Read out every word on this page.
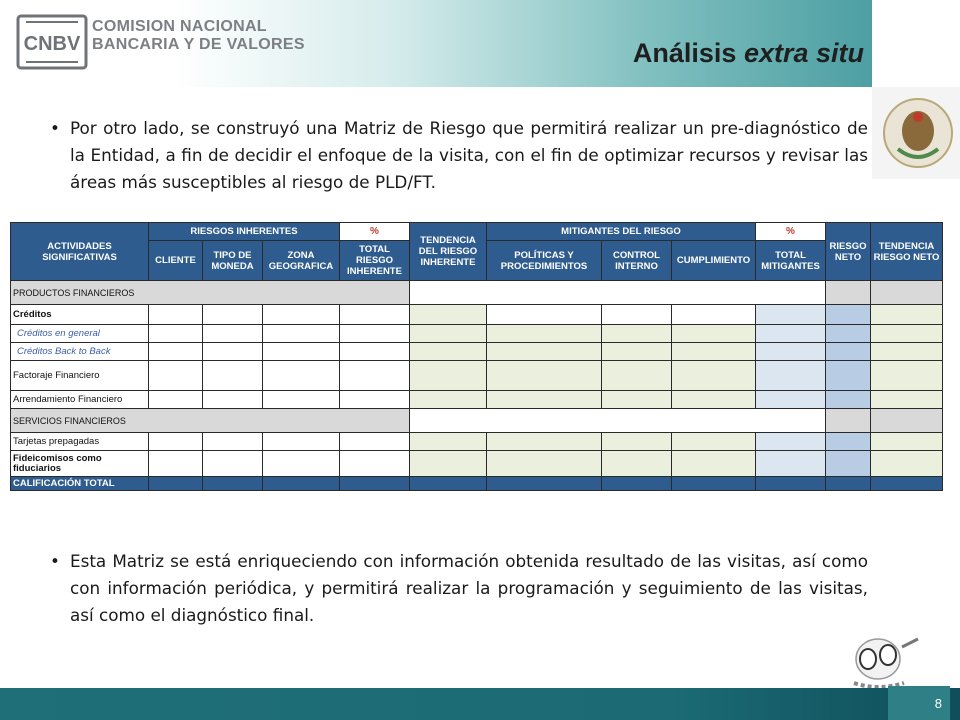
CNBV
COMISION NACIONAL
BANCARIA Y DE VALORES	Análisis extra situ
• Por otro lado, se construyó una Matriz de Riesgo que permitirá realizar un pre-diagnóstico de la Entidad, a fin de decidir el enfoque de la visita, con el fin de optimizar recursos y revisar las áreas más susceptibles al riesgo de PLD/FT.
ACTIVIDADES SIGNIFICATIVAS	RIESGOS INHERENTES			%	TENDENCIA DEL RIESGO INHERENTE	MITIGANTES DEL RIESGO			%	RIESGO NETO	TENDENCIA RIESGO NETO
	CLIENTE	TIPO DE MONEDA	ZONA GEOGRAFICA	TOTAL RIESGO INHERENTE		POLÍTICAS Y PROCEDIMIENTOS	CONTROL INTERNO	CUMPLIMIENTO	TOTAL MITIGANTES		
PRODUCTOS FINANCIEROS											
Créditos											
Créditos en general											
Créditos Back to Back											
Factoraje Financiero											
Arrendamiento Financiero											
SERVICIOS FINANCIEROS											
Tarjetas prepagadas											
Fideicomisos como fiduciarios											
CALIFICACIÓN TOTAL											
• Esta Matriz se está enriqueciendo con información obtenida resultado de las visitas, así como con información periódica, y permitirá realizar la programación y seguimiento de las visitas, así como el diagnóstico final.
8
